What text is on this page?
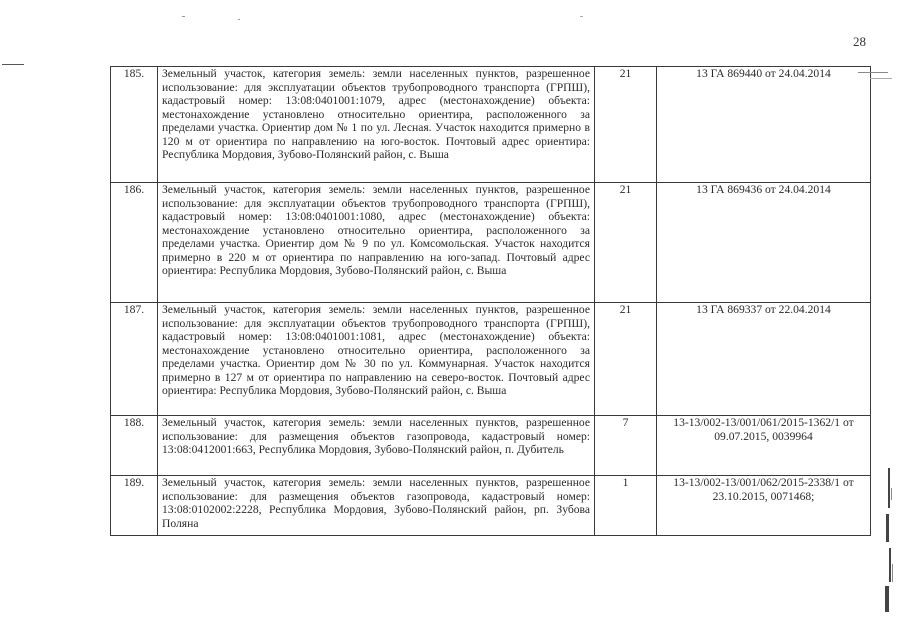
28
185.	Земельный участок, категория земель: земли населенных пунктов, разрешенное использование: для эксплуатации объектов трубопроводного транспорта (ГРПШ), кадастровый номер: 13:08:0401001:1079, адрес (местонахождение) объекта: местонахождение установлено относительно ориентира, расположенного за пределами участка. Ориентир дом № 1 по ул. Лесная. Участок находится примерно в 120 м от ориентира по направлению на юго-восток. Почтовый адрес ориентира: Республика Мордовия, Зубово-Полянский район, с. Выша	21	13 ГА 869440 от 24.04.2014
186.	Земельный участок, категория земель: земли населенных пунктов, разрешенное использование: для эксплуатации объектов трубопроводного транспорта (ГРПШ), кадастровый номер: 13:08:0401001:1080, адрес (местонахождение) объекта: местонахождение установлено относительно ориентира, расположенного за пределами участка. Ориентир дом № 9 по ул. Комсомольская. Участок находится примерно в 220 м от ориентира по направлению на юго-запад. Почтовый адрес ориентира: Республика Мордовия, Зубово-Полянский район, с. Выша	21	13 ГА 869436 от 24.04.2014
187.	Земельный участок, категория земель: земли населенных пунктов, разрешенное использование: для эксплуатации объектов трубопроводного транспорта (ГРПШ), кадастровый номер: 13:08:0401001:1081, адрес (местонахождение) объекта: местонахождение установлено относительно ориентира, расположенного за пределами участка. Ориентир дом № 30 по ул. Коммунарная. Участок находится примерно в 127 м от ориентира по направлению на северо-восток. Почтовый адрес ориентира: Республика Мордовия, Зубово-Полянский район, с. Выша	21	13 ГА 869337 от 22.04.2014
188.	Земельный участок, категория земель: земли населенных пунктов, разрешенное использование: для размещения объектов газопровода, кадастровый номер: 13:08:0412001:663, Республика Мордовия, Зубово-Полянский район, п. Дубитель	7	13-13/002-13/001/061/2015-1362/1 от 09.07.2015, 0039964
189.	Земельный участок, категория земель: земли населенных пунктов, разрешенное использование: для размещения объектов газопровода, кадастровый номер: 13:08:0102002:2228, Республика Мордовия, Зубово-Полянский район, рп. Зубова Поляна	1	13-13/002-13/001/062/2015-2338/1 от 23.10.2015, 0071468;
